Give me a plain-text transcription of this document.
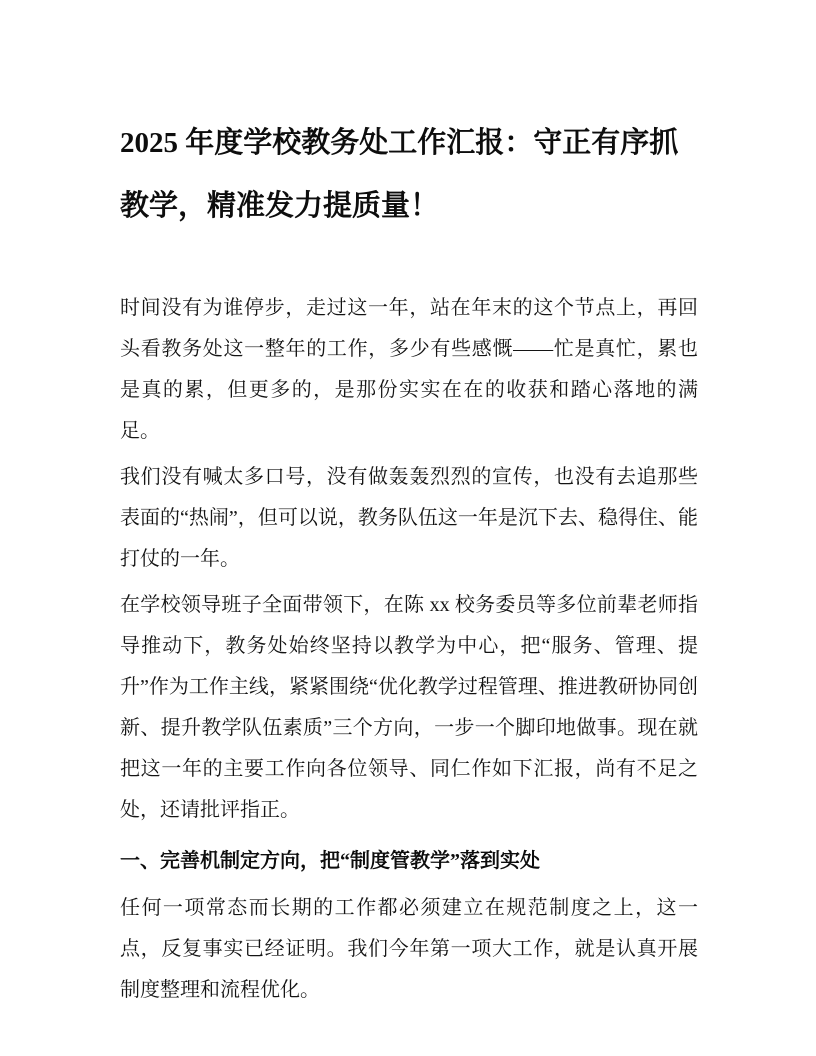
2025 年度学校教务处工作汇报：守正有序抓教学，精准发力提质量！

时间没有为谁停步，走过这一年，站在年末的这个节点上，再回头看教务处这一整年的工作，多少有些感慨——忙是真忙，累也是真的累，但更多的，是那份实实在在的收获和踏心落地的满足。

我们没有喊太多口号，没有做轰轰烈烈的宣传，也没有去追那些表面的“热闹”，但可以说，教务队伍这一年是沉下去、稳得住、能打仗的一年。

在学校领导班子全面带领下，在陈 xx 校务委员等多位前辈老师指导推动下，教务处始终坚持以教学为中心，把“服务、管理、提升”作为工作主线，紧紧围绕“优化教学过程管理、推进教研协同创新、提升教学队伍素质”三个方向，一步一个脚印地做事。现在就把这一年的主要工作向各位领导、同仁作如下汇报，尚有不足之处，还请批评指正。

一、完善机制定方向，把“制度管教学”落到实处

任何一项常态而长期的工作都必须建立在规范制度之上，这一点，反复事实已经证明。我们今年第一项大工作，就是认真开展制度整理和流程优化。
